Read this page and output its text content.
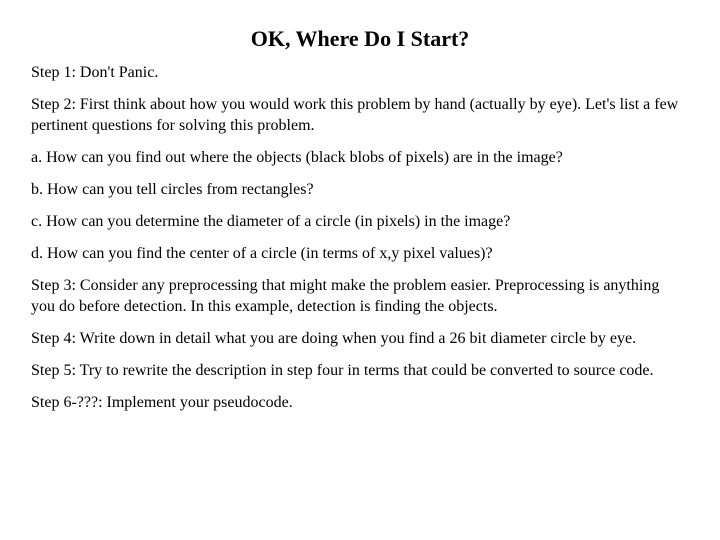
OK, Where Do I Start?

Step 1: Don't Panic.

Step 2: First think about how you would work this problem by hand (actually by eye). Let's list a few pertinent questions for solving this problem.

a. How can you find out where the objects (black blobs of pixels) are in the image?

b. How can you tell circles from rectangles?

c. How can you determine the diameter of a circle (in pixels) in the image?

d. How can you find the center of a circle (in terms of x,y pixel values)?

Step 3: Consider any preprocessing that might make the problem easier. Preprocessing is anything you do before detection. In this example, detection is finding the objects.

Step 4: Write down in detail what you are doing when you find a 26 bit diameter circle by eye.

Step 5: Try to rewrite the description in step four in terms that could be converted to source code.

Step 6-???: Implement your pseudocode.
